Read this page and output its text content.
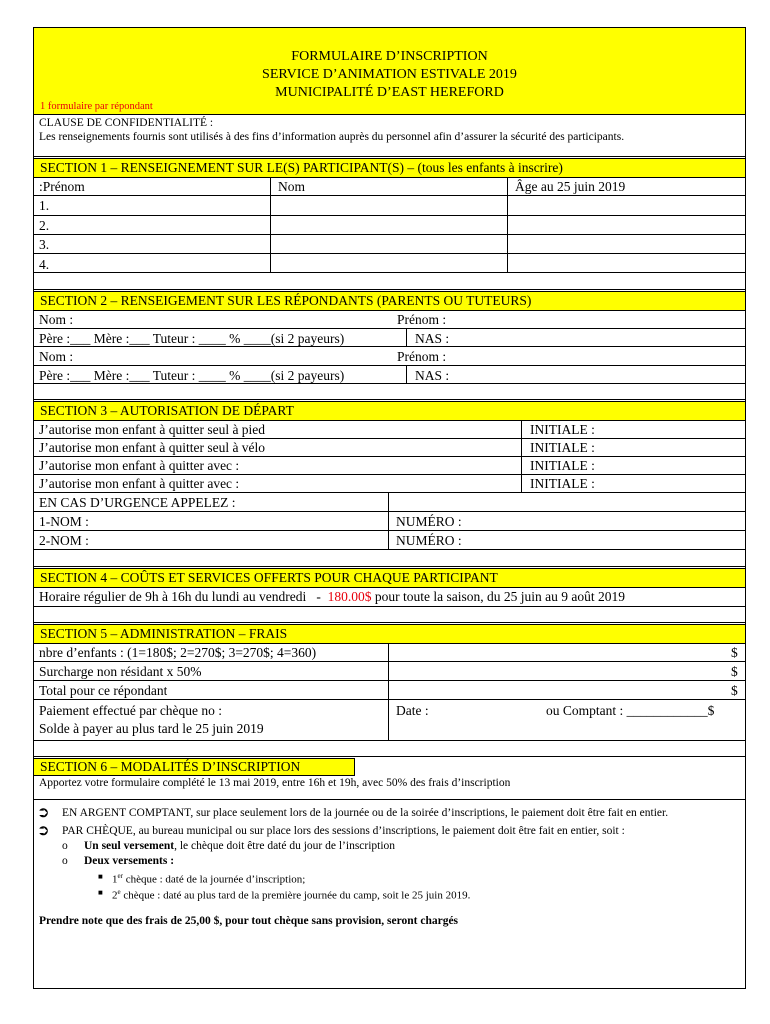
FORMULAIRE D’INSCRIPTION
SERVICE D’ANIMATION ESTIVALE 2019
MUNICIPALITÉ D’EAST HEREFORD
1 formulaire par répondant
CLAUSE DE CONFIDENTIALITÉ :
Les renseignements fournis sont utilisés à des fins d’information auprès du personnel afin d’assurer la sécurité des participants.
SECTION 1 – RENSEIGNEMENT SUR LE(S) PARTICIPANT(S) – (tous les enfants à inscrire)
:Prénom	Nom	Âge au 25 juin 2019
1.
2.
3.
4.
SECTION 2 – RENSEIGEMENT SUR LES RÉPONDANTS (PARENTS OU TUTEURS)
Nom :	Prénom :
Père :___ Mère :___ Tuteur : ____ % ____(si 2 payeurs)	NAS :
Nom :	Prénom :
Père :___ Mère :___ Tuteur : ____ % ____(si 2 payeurs)	NAS :
SECTION 3 – AUTORISATION DE DÉPART
J’autorise mon enfant à quitter seul à pied	INITIALE :
J’autorise mon enfant à quitter seul à vélo	INITIALE :
J’autorise mon enfant à quitter avec :	INITIALE :
J’autorise mon enfant à quitter avec :	INITIALE :
EN CAS D’URGENCE APPELEZ :
1-NOM :	NUMÉRO :
2-NOM :	NUMÉRO :
SECTION 4 – COÛTS ET SERVICES OFFERTS POUR CHAQUE PARTICIPANT
Horaire régulier de 9h à 16h du lundi au vendredi   -  180.00$ pour toute la saison, du 25 juin au 9 août 2019
SECTION 5 – ADMINISTRATION – FRAIS
nbre d’enfants : (1=180$; 2=270$; 3=270$; 4=360)	$
Surcharge non résidant x 50%	$
Total pour ce répondant	$
Paiement effectué par chèque no :	Date :	ou Comptant : ____________$
Solde à payer au plus tard le 25 juin 2019
SECTION 6 – MODALITÉS D’INSCRIPTION
Apportez votre formulaire complété le 13 mai 2019, entre 16h et 19h, avec 50% des frais d’inscription
➲	EN ARGENT COMPTANT, sur place seulement lors de la journée ou de la soirée d’inscriptions, le paiement doit être fait en entier.
➲	PAR CHÈQUE, au bureau municipal ou sur place lors des sessions d’inscriptions, le paiement doit être fait en entier, soit :
o	Un seul versement, le chèque doit être daté du jour de l’inscription
o	Deux versements :
■ 1er chèque : daté de la journée d’inscription;
■ 2e chèque : daté au plus tard de la première journée du camp, soit le 25 juin 2019.
Prendre note que des frais de 25,00 $, pour tout chèque sans provision, seront chargés
